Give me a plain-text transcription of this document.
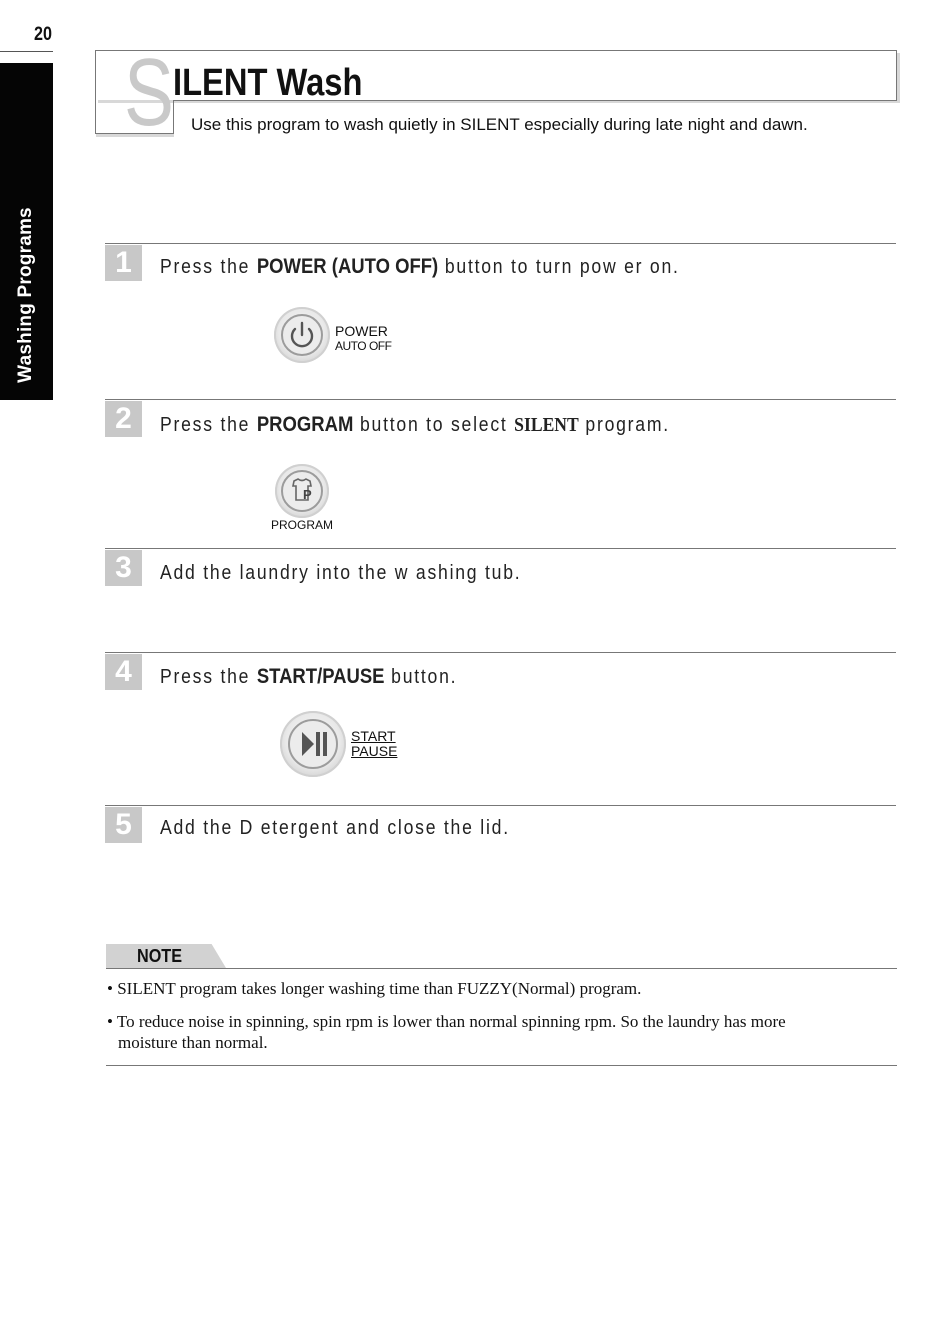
20
Washing Programs
S ILENT Wash
Use this program to wash quietly in SILENT especially during late night and dawn.
1	Press the POWER (AUTO OFF) button to turn pow er on.
POWER
AUTO OFF
2	Press the PROGRAM button to select SILENT program.
P
PROGRAM
3	Add the laundry into the w ashing tub.
4	Press the START/PAUSE button.
START
PAUSE
5	Add the D etergent and close the lid.
NOTE
• SILENT program takes longer washing time than FUZZY(Normal) program.
• To reduce noise in spinning, spin rpm is lower than normal spinning rpm. So the laundry has more moisture than normal.
